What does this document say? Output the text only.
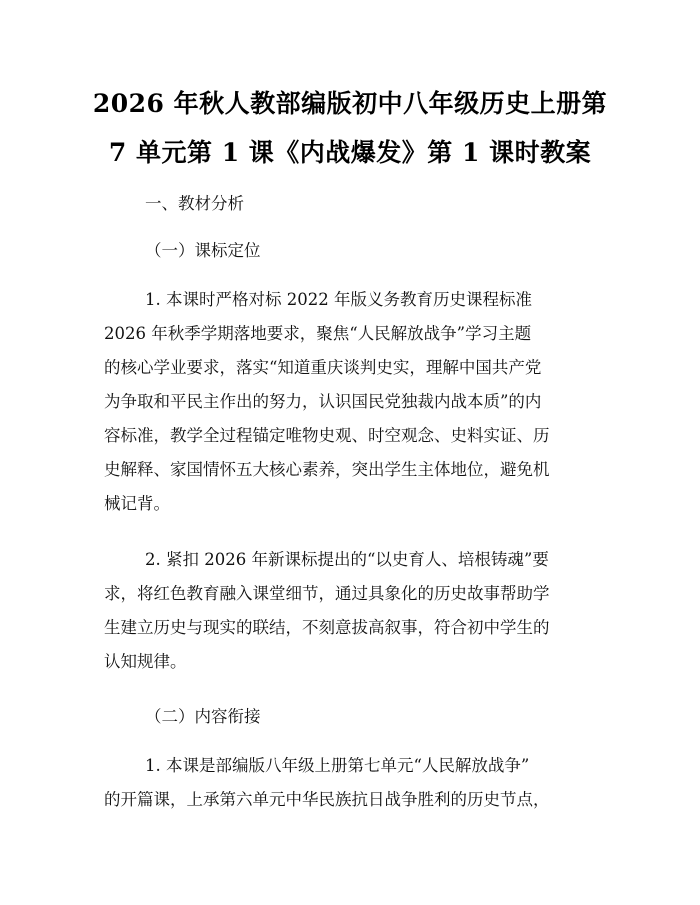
2026 年秋人教部编版初中八年级历史上册第
7 单元第 1 课《内战爆发》第 1 课时教案
一、教材分析
（一）课标定位
1. 本课时严格对标 2022 年版义务教育历史课程标准
2026 年秋季学期落地要求，聚焦“人民解放战争”学习主题
的核心学业要求，落实“知道重庆谈判史实，理解中国共产党
为争取和平民主作出的努力，认识国民党独裁内战本质”的内
容标准，教学全过程锚定唯物史观、时空观念、史料实证、历
史解释、家国情怀五大核心素养，突出学生主体地位，避免机
械记背。
2. 紧扣 2026 年新课标提出的“以史育人、培根铸魂”要
求，将红色教育融入课堂细节，通过具象化的历史故事帮助学
生建立历史与现实的联结，不刻意拔高叙事，符合初中学生的
认知规律。
（二）内容衔接
1. 本课是部编版八年级上册第七单元“人民解放战争”
的开篇课，上承第六单元中华民族抗日战争胜利的历史节点，
